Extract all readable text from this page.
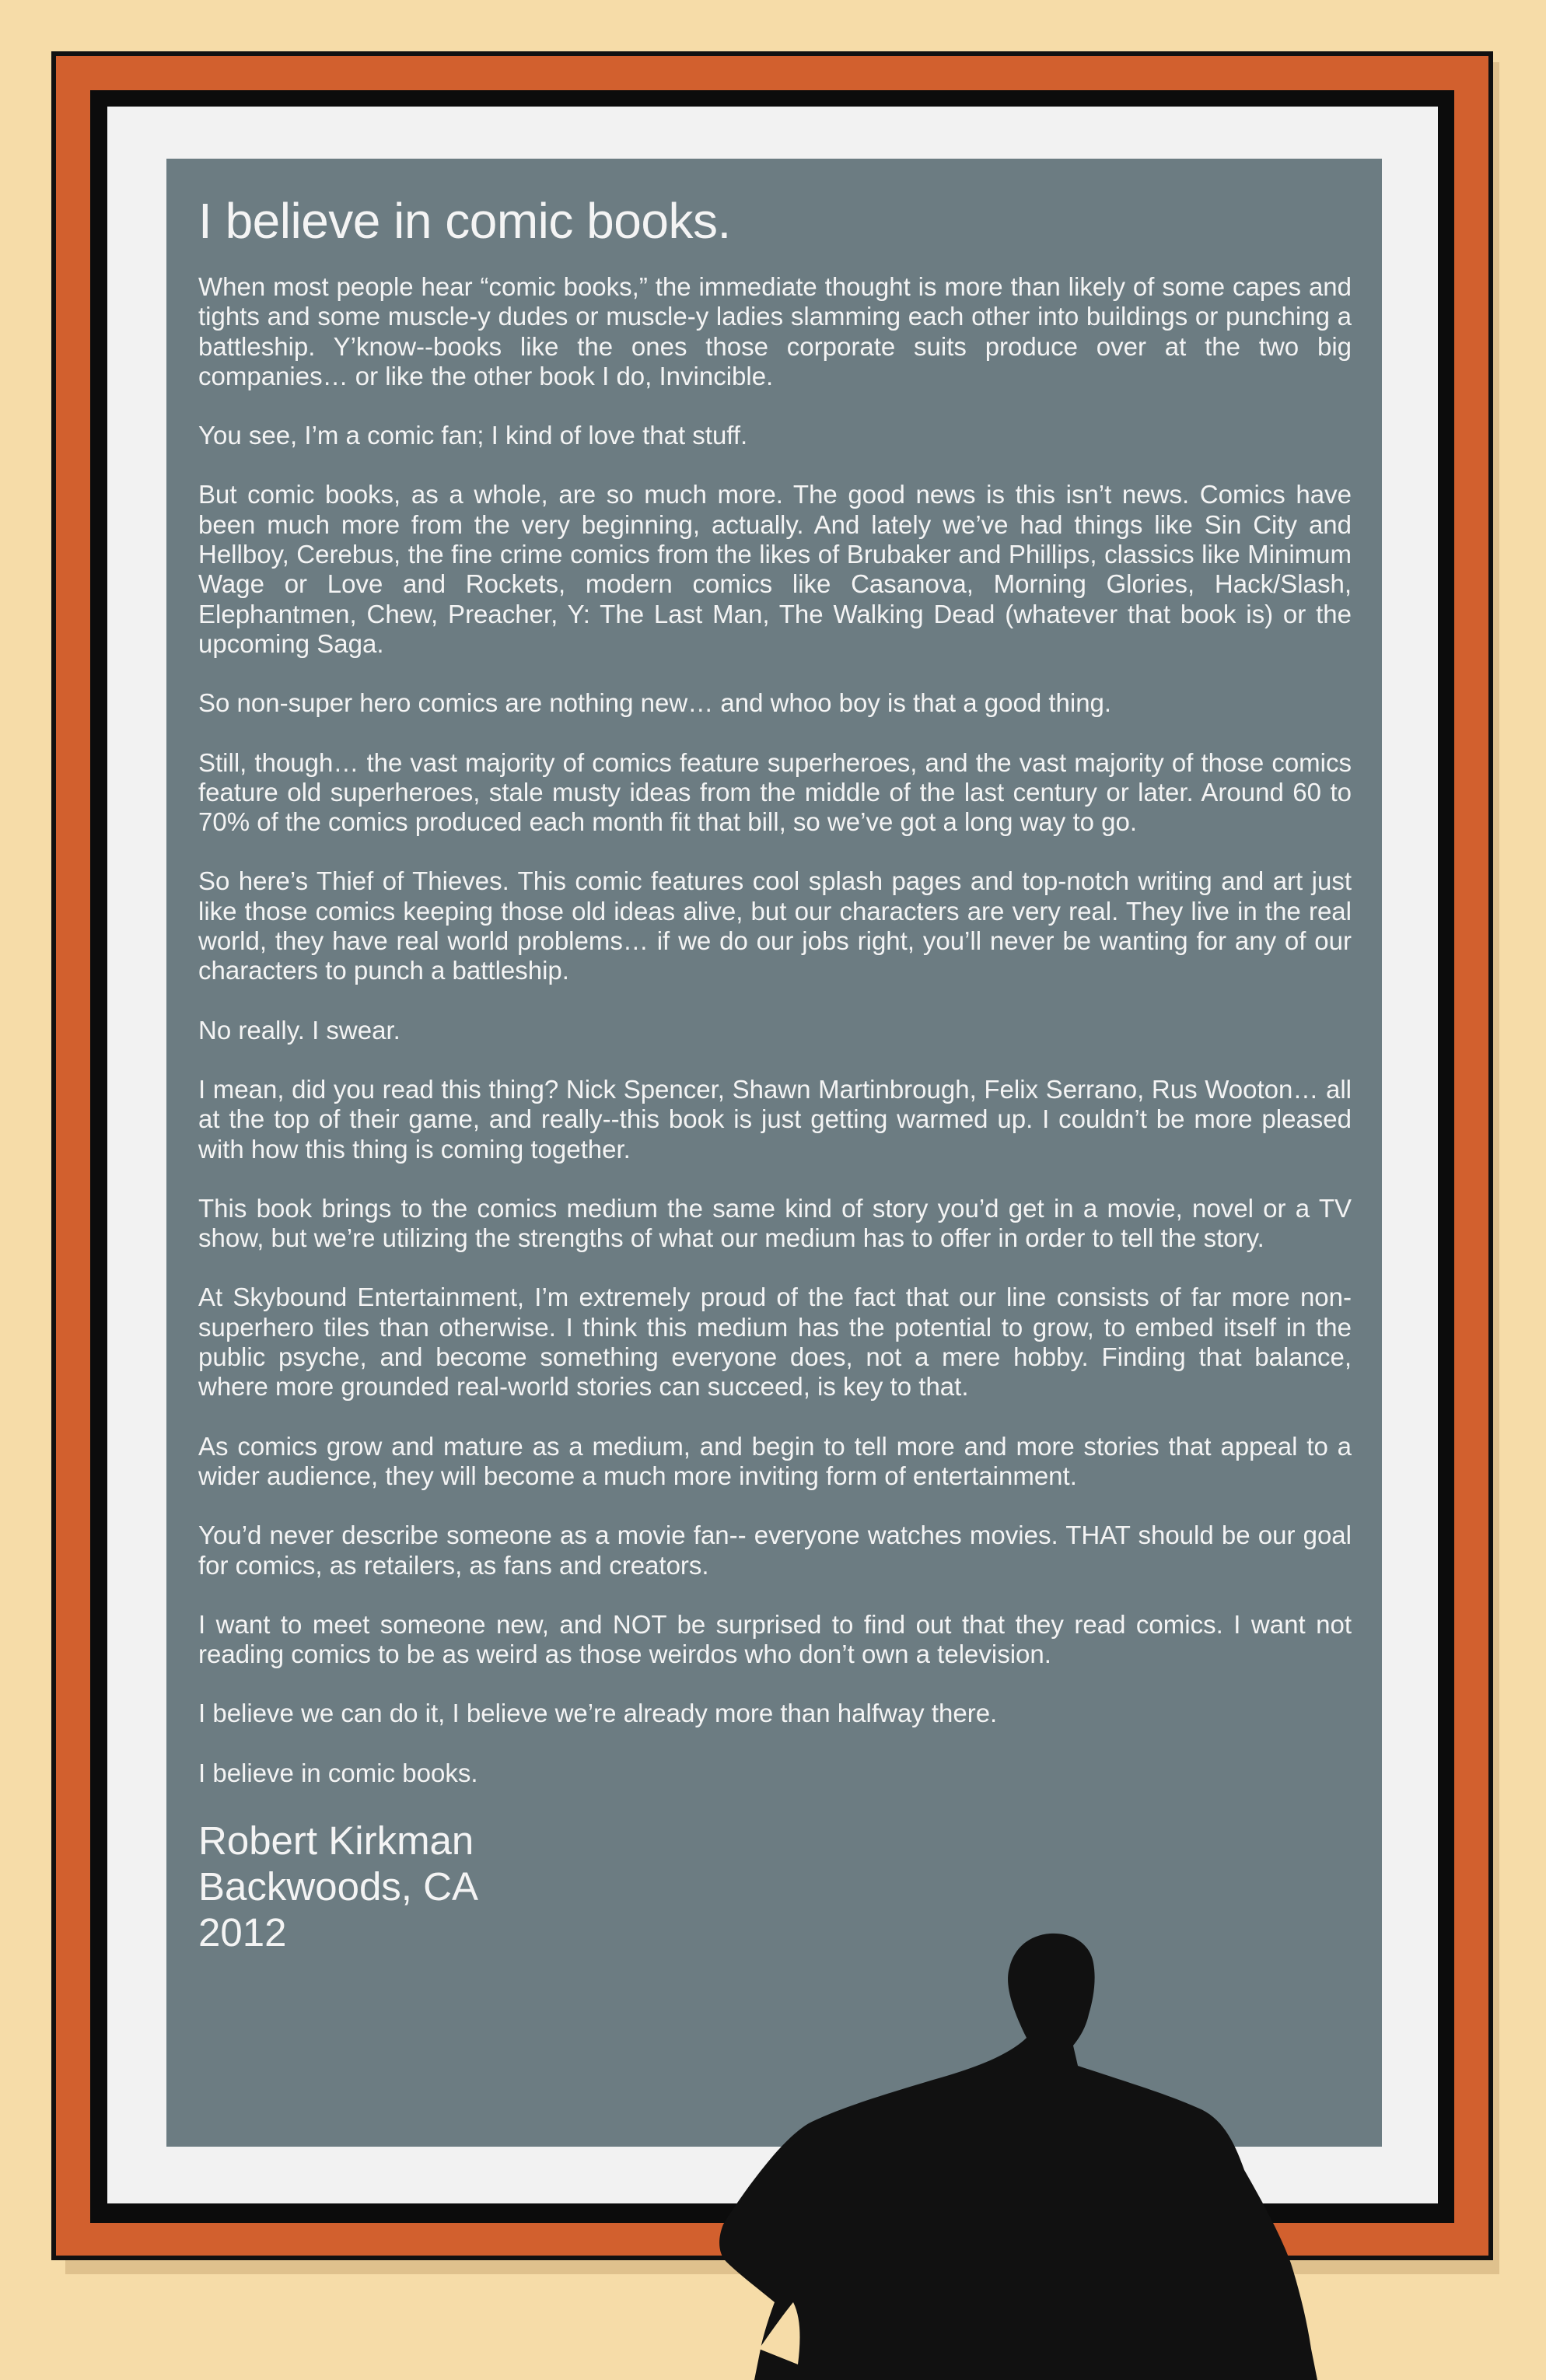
I believe in comic books.

When most people hear “comic books,” the immediate thought is more than likely of some capes and tights and some muscle-y dudes or muscle-y ladies slamming each other into buildings or punching a battleship. Y’know--books like the ones those corporate suits produce over at the two big companies… or like the other book I do, Invincible.

You see, I’m a comic fan; I kind of love that stuff.

But comic books, as a whole, are so much more. The good news is this isn’t news. Comics have been much more from the very beginning, actually. And lately we’ve had things like Sin City and Hellboy, Cerebus, the fine crime comics from the likes of Brubaker and Phillips, classics like Minimum Wage or Love and Rockets, modern comics like Casanova, Morning Glories, Hack/Slash, Elephantmen, Chew, Preacher, Y: The Last Man, The Walking Dead (whatever that book is) or the upcoming Saga.

So non-super hero comics are nothing new… and whoo boy is that a good thing.

Still, though… the vast majority of comics feature superheroes, and the vast majority of those comics feature old superheroes, stale musty ideas from the middle of the last century or later. Around 60 to 70% of the comics produced each month fit that bill, so we’ve got a long way to go.

So here’s Thief of Thieves. This comic features cool splash pages and top-notch writing and art just like those comics keeping those old ideas alive, but our characters are very real. They live in the real world, they have real world problems… if we do our jobs right, you’ll never be wanting for any of our characters to punch a battleship.

No really. I swear.

I mean, did you read this thing? Nick Spencer, Shawn Martinbrough, Felix Serrano, Rus Wooton… all at the top of their game, and really--this book is just getting warmed up. I couldn’t be more pleased with how this thing is coming together.

This book brings to the comics medium the same kind of story you’d get in a movie, novel or a TV show, but we’re utilizing the strengths of what our medium has to offer in order to tell the story.

At Skybound Entertainment, I’m extremely proud of the fact that our line consists of far more non-superhero tiles than otherwise. I think this medium has the potential to grow, to embed itself in the public psyche, and become something everyone does, not a mere hobby. Finding that balance, where more grounded real-world stories can succeed, is key to that.

As comics grow and mature as a medium, and begin to tell more and more stories that appeal to a wider audience, they will become a much more inviting form of entertainment.

You’d never describe someone as a movie fan-- everyone watches movies. THAT should be our goal for comics, as retailers, as fans and creators.

I want to meet someone new, and NOT be surprised to find out that they read comics. I want not reading comics to be as weird as those weirdos who don’t own a television.

I believe we can do it, I believe we’re already more than halfway there.

I believe in comic books.

Robert Kirkman
Backwoods, CA
2012
